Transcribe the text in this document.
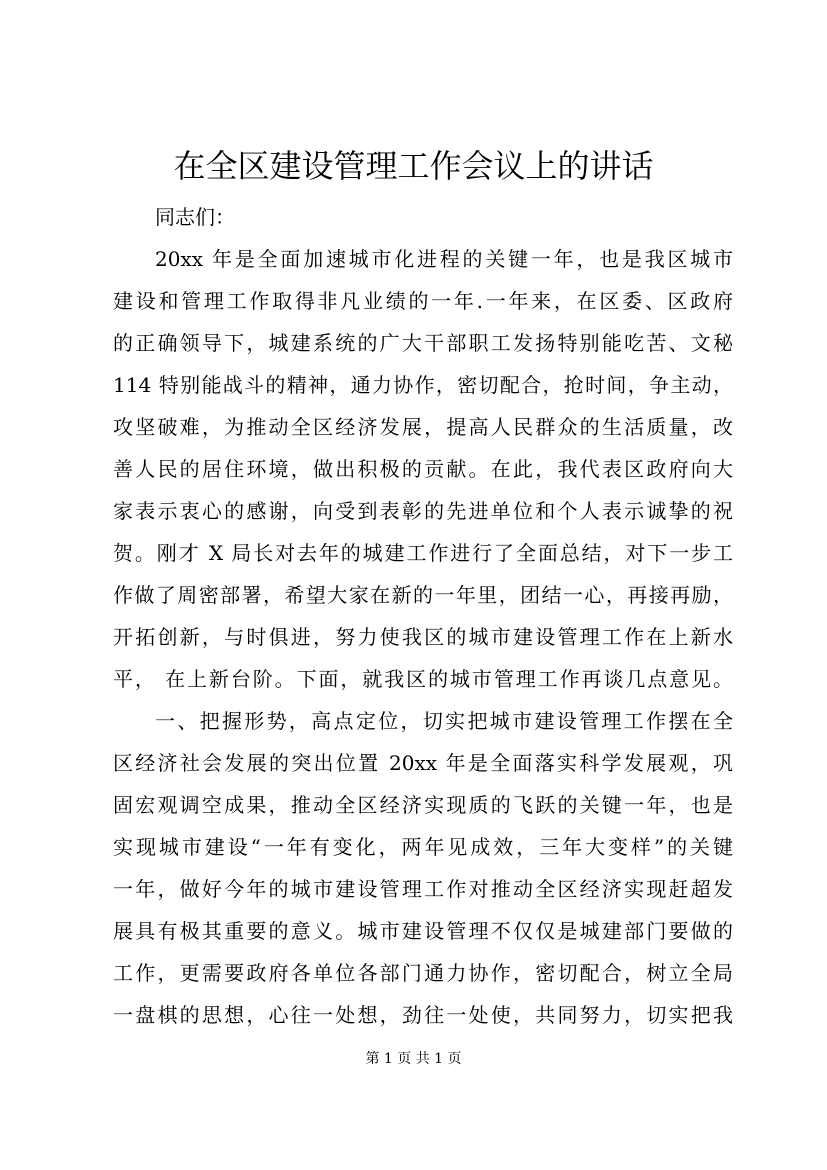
在全区建设管理工作会议上的讲话
同志们：
20xx 年是全面加速城市化进程的关键一年，也是我区城市
建设和管理工作取得非凡业绩的一年.一年来，在区委、区政府
的正确领导下，城建系统的广大干部职工发扬特别能吃苦、文秘
114 特别能战斗的精神，通力协作，密切配合，抢时间，争主动，
攻坚破难，为推动全区经济发展，提高人民群众的生活质量，改
善人民的居住环境，做出积极的贡献。在此，我代表区政府向大
家表示衷心的感谢，向受到表彰的先进单位和个人表示诚挚的祝
贺。刚才 X 局长对去年的城建工作进行了全面总结，对下一步工
作做了周密部署，希望大家在新的一年里，团结一心，再接再励，
开拓创新，与时俱进，努力使我区的城市建设管理工作在上新水
平， 在上新台阶。下面，就我区的城市管理工作再谈几点意见。
一、把握形势，高点定位，切实把城市建设管理工作摆在全
区经济社会发展的突出位置 20xx 年是全面落实科学发展观，巩
固宏观调空成果，推动全区经济实现质的飞跃的关键一年，也是
实现城市建设“一年有变化，两年见成效，三年大变样”的关键
一年，做好今年的城市建设管理工作对推动全区经济实现赶超发
展具有极其重要的意义。城市建设管理不仅仅是城建部门要做的
工作，更需要政府各单位各部门通力协作，密切配合，树立全局
一盘棋的思想，心往一处想，劲往一处使，共同努力，切实把我
第 1 页 共 1 页
